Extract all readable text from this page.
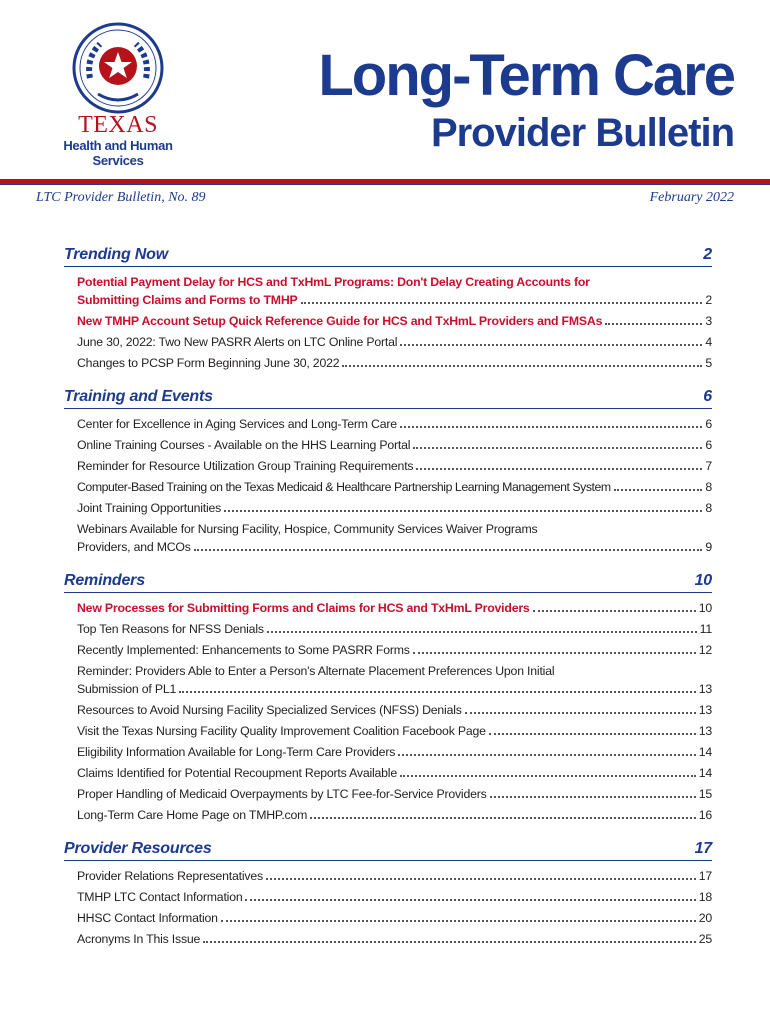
TEXAS
Health and Human
Services
Long-Term Care
Provider Bulletin
LTC Provider Bulletin, No. 89	February 2022
Trending Now	2
Potential Payment Delay for HCS and TxHmL Programs: Don't Delay Creating Accounts for
Submitting Claims and Forms to TMHP	2
New TMHP Account Setup Quick Reference Guide for HCS and TxHmL Providers and FMSAs	3
June 30, 2022: Two New PASRR Alerts on LTC Online Portal	4
Changes to PCSP Form Beginning June 30, 2022	5
Training and Events	6
Center for Excellence in Aging Services and Long-Term Care	6
Online Training Courses - Available on the HHS Learning Portal	6
Reminder for Resource Utilization Group Training Requirements	7
Computer-Based Training on the Texas Medicaid & Healthcare Partnership Learning Management System	8
Joint Training Opportunities	8
Webinars Available for Nursing Facility, Hospice, Community Services Waiver Programs
Providers, and MCOs	9
Reminders	10
New Processes for Submitting Forms and Claims for HCS and TxHmL Providers	10
Top Ten Reasons for NFSS Denials	11
Recently Implemented: Enhancements to Some PASRR Forms	12
Reminder: Providers Able to Enter a Person's Alternate Placement Preferences Upon Initial
Submission of PL1	13
Resources to Avoid Nursing Facility Specialized Services (NFSS) Denials	13
Visit the Texas Nursing Facility Quality Improvement Coalition Facebook Page	13
Eligibility Information Available for Long-Term Care Providers	14
Claims Identified for Potential Recoupment Reports Available	14
Proper Handling of Medicaid Overpayments by LTC Fee-for-Service Providers	15
Long-Term Care Home Page on TMHP.com	16
Provider Resources	17
Provider Relations Representatives	17
TMHP LTC Contact Information	18
HHSC Contact Information	20
Acronyms In This Issue	25
